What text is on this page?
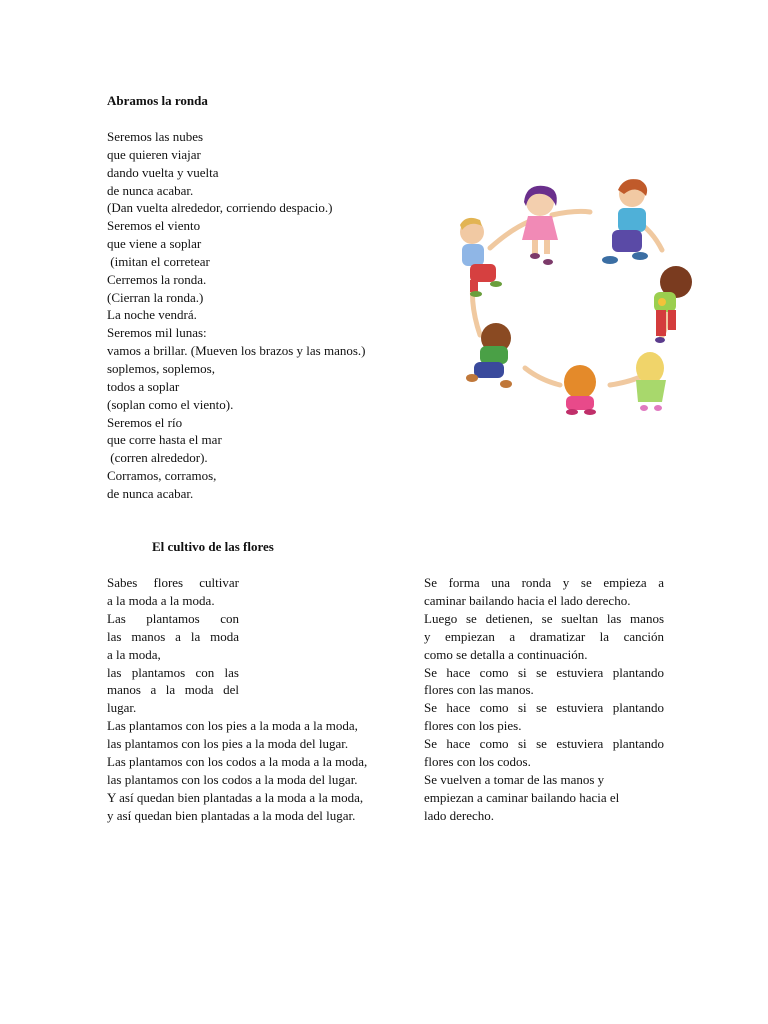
Abramos la ronda
Seremos las nubes
que quieren viajar
dando vuelta y vuelta
de nunca acabar.
(Dan vuelta alrededor, corriendo despacio.)
Seremos el viento
que viene a soplar
(imitan el corretear
Cerremos la ronda.
(Cierran la ronda.)
La noche vendrá.
Seremos mil lunas:
vamos a brillar. (Mueven los brazos y las manos.)
soplemos, soplemos,
todos a soplar
(soplan como el viento).
Seremos el río
que corre hasta el mar
(corren alrededor).
Corramos, corramos,
de nunca acabar.
El cultivo de las flores
Sabes flores cultivar
a la moda a la moda.
Las plantamos con
las manos a la moda
a la moda,
las plantamos con las
manos a la moda del
lugar.
Las plantamos con los pies a la moda a la moda,
las plantamos con los pies a la moda del lugar.
Las plantamos con los codos a la moda a la moda,
las plantamos con los codos a la moda del lugar.
Y así quedan bien plantadas a la moda a la moda,
y así quedan bien plantadas a la moda del lugar.
Se forma una ronda y se empieza a
caminar bailando hacia el lado derecho.
Luego se detienen, se sueltan las manos
y empiezan a dramatizar la canción
como se detalla a continuación.
Se hace como si se estuviera plantando
flores con las manos.
Se hace como si se estuviera plantando
flores con los pies.
Se hace como si se estuviera plantando
flores con los codos.
Se vuelven a tomar de las manos y
empiezan a caminar bailando hacia el
lado derecho.
